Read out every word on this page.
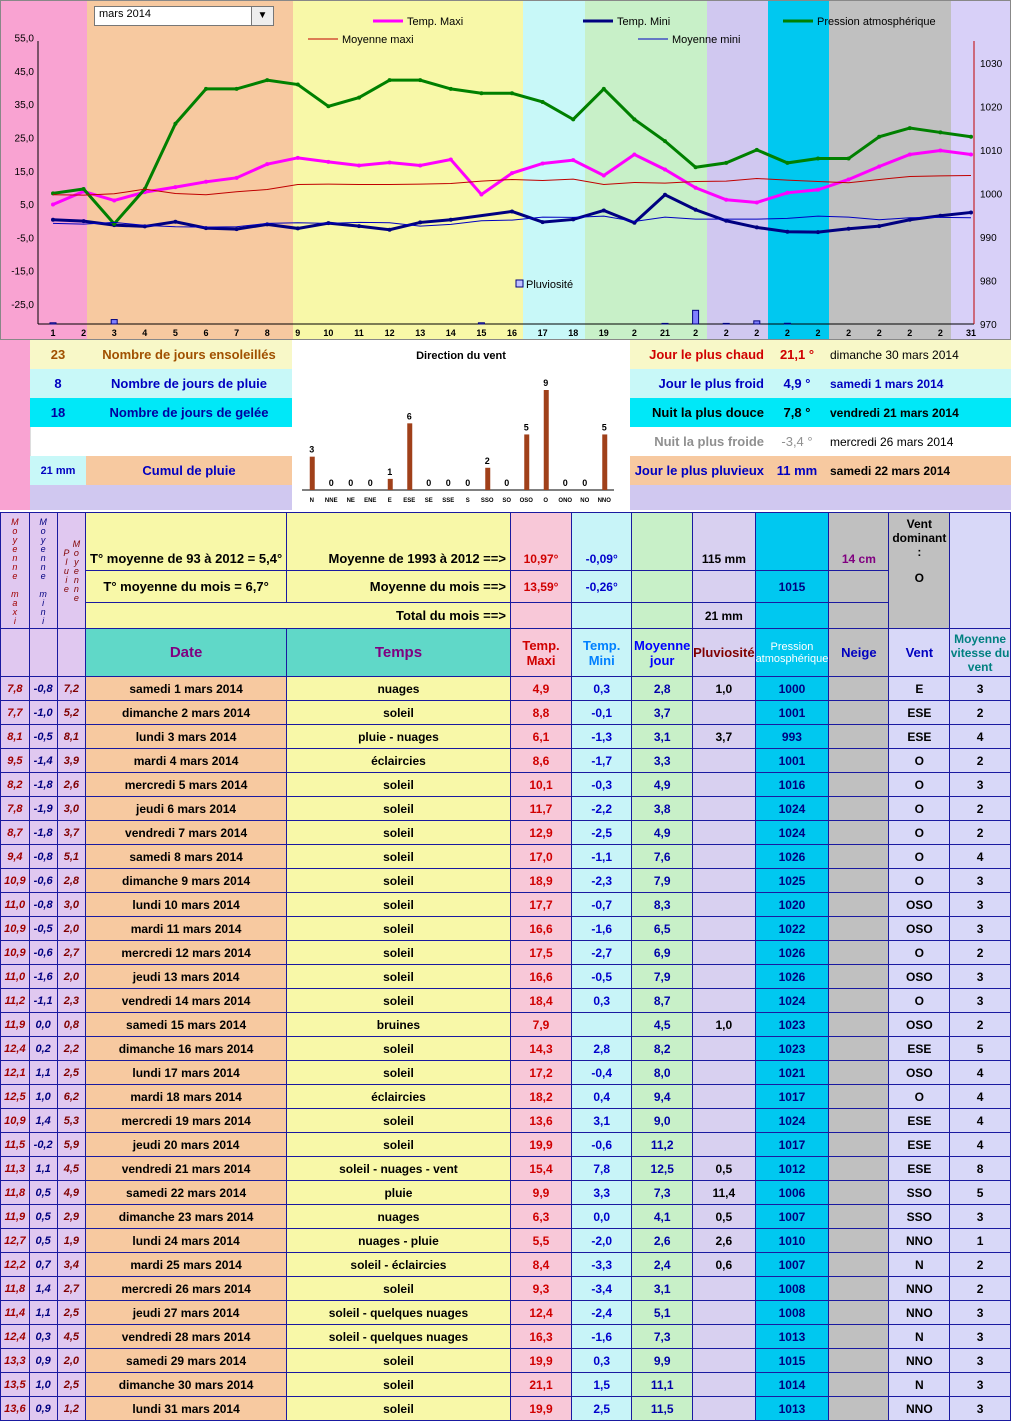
55,0
45,0
35,0
25,0
15,0
5,0
-5,0
-15,0
-25,0
1030
1020
1010
1000
990
980
970
1	2	3	4	5	6	7	8	9	10 11 12 13 14 15 16 17 18 19	2	21	2	2	2	2	2	2	2	2	2	31
Temp. Maxi	Temp. Mini	Pression atmosphérique
Moyenne maxi	Moyenne mini
Pluviosité
mars 2014	▼
23	Nombre de jours ensoleillés
8	Nombre de jours de pluie
18	Nombre de jours de gelée
21 mm	Cumul de pluie
Direction du vent
3
N
0
NNE
0
NE
0
ENE
1
E
6
ESE
0
SE
0
SSE
0
S
2
SSO
0
SO
5
OSO
9
O
0
ONO
0
NO
5
NNO
Jour le plus chaud	21,1 °	dimanche 30 mars 2014
Jour le plus froid	4,9 °	samedi 1 mars 2014
Nuit la plus douce	7,8 °	vendredi 21 mars 2014
Nuit la plus froide	-3,4 °	mercredi 26 mars 2014
Jour le plus pluvieux 11 mm	samedi 22 mars 2014
Moyenne maxi	Moyenne mini	Moyenne Pluie	T° moyenne de 93 à 2012 = 5,4°	Moyenne de 1993 à 2012 ==>	10,97°	-0,09°		115 mm		14 cm	Vent dominant :
O	

			T° moyenne du mois = 6,7°	Moyenne du mois ==>	13,59°	-0,26°			1015			
			Total du mois ==>					21 mm				
			Date	Temps	Temp. Maxi	Temp. Mini	Moyenne jour	Pluviosité	Pression atmosphérique	Neige	Vent	Moyenne vitesse du vent
7,8	-0,8	7,2	samedi 1 mars 2014	nuages	4,9	0,3	2,8	1,0	1000		E	3
7,7	-1,0	5,2	dimanche 2 mars 2014	soleil	8,8	-0,1	3,7		1001		ESE	2
8,1	-0,5	8,1	lundi 3 mars 2014	pluie - nuages	6,1	-1,3	3,1	3,7	993		ESE	4
9,5	-1,4	3,9	mardi 4 mars 2014	éclaircies	8,6	-1,7	3,3		1001		O	2
8,2	-1,8	2,6	mercredi 5 mars 2014	soleil	10,1	-0,3	4,9		1016		O	3
7,8	-1,9	3,0	jeudi 6 mars 2014	soleil	11,7	-2,2	3,8		1024		O	2
8,7	-1,8	3,7	vendredi 7 mars 2014	soleil	12,9	-2,5	4,9		1024		O	2
9,4	-0,8	5,1	samedi 8 mars 2014	soleil	17,0	-1,1	7,6		1026		O	4
10,9	-0,6	2,8	dimanche 9 mars 2014	soleil	18,9	-2,3	7,9		1025		O	3
11,0	-0,8	3,0	lundi 10 mars 2014	soleil	17,7	-0,7	8,3		1020		OSO	3
10,9	-0,5	2,0	mardi 11 mars 2014	soleil	16,6	-1,6	6,5		1022		OSO	3
10,9	-0,6	2,7	mercredi 12 mars 2014	soleil	17,5	-2,7	6,9		1026		O	2
11,0	-1,6	2,0	jeudi 13 mars 2014	soleil	16,6	-0,5	7,9		1026		OSO	3
11,2	-1,1	2,3	vendredi 14 mars 2014	soleil	18,4	0,3	8,7		1024		O	3
11,9	0,0	0,8	samedi 15 mars 2014	bruines	7,9		4,5	1,0	1023		OSO	2
12,4	0,2	2,2	dimanche 16 mars 2014	soleil	14,3	2,8	8,2		1023		ESE	5
12,1	1,1	2,5	lundi 17 mars 2014	soleil	17,2	-0,4	8,0		1021		OSO	4
12,5	1,0	6,2	mardi 18 mars 2014	éclaircies	18,2	0,4	9,4		1017		O	4
10,9	1,4	5,3	mercredi 19 mars 2014	soleil	13,6	3,1	9,0		1024		ESE	4
11,5	-0,2	5,9	jeudi 20 mars 2014	soleil	19,9	-0,6	11,2		1017		ESE	4
11,3	1,1	4,5	vendredi 21 mars 2014	soleil - nuages - vent	15,4	7,8	12,5	0,5	1012		ESE	8
11,8	0,5	4,9	samedi 22 mars 2014	pluie	9,9	3,3	7,3	11,4	1006		SSO	5
11,9	0,5	2,9	dimanche 23 mars 2014	nuages	6,3	0,0	4,1	0,5	1007		SSO	3
12,7	0,5	1,9	lundi 24 mars 2014	nuages - pluie	5,5	-2,0	2,6	2,6	1010		NNO	1
12,2	0,7	3,4	mardi 25 mars 2014	soleil - éclaircies	8,4	-3,3	2,4	0,6	1007		N	2
11,8	1,4	2,7	mercredi 26 mars 2014	soleil	9,3	-3,4	3,1		1008		NNO	2
11,4	1,1	2,5	jeudi 27 mars 2014	soleil - quelques nuages	12,4	-2,4	5,1		1008		NNO	3
12,4	0,3	4,5	vendredi 28 mars 2014	soleil - quelques nuages	16,3	-1,6	7,3		1013		N	3
13,3	0,9	2,0	samedi 29 mars 2014	soleil	19,9	0,3	9,9		1015		NNO	3
13,5	1,0	2,5	dimanche 30 mars 2014	soleil	21,1	1,5	11,1		1014		N	3
13,6	0,9	1,2	lundi 31 mars 2014	soleil	19,9	2,5	11,5		1013		NNO	3
